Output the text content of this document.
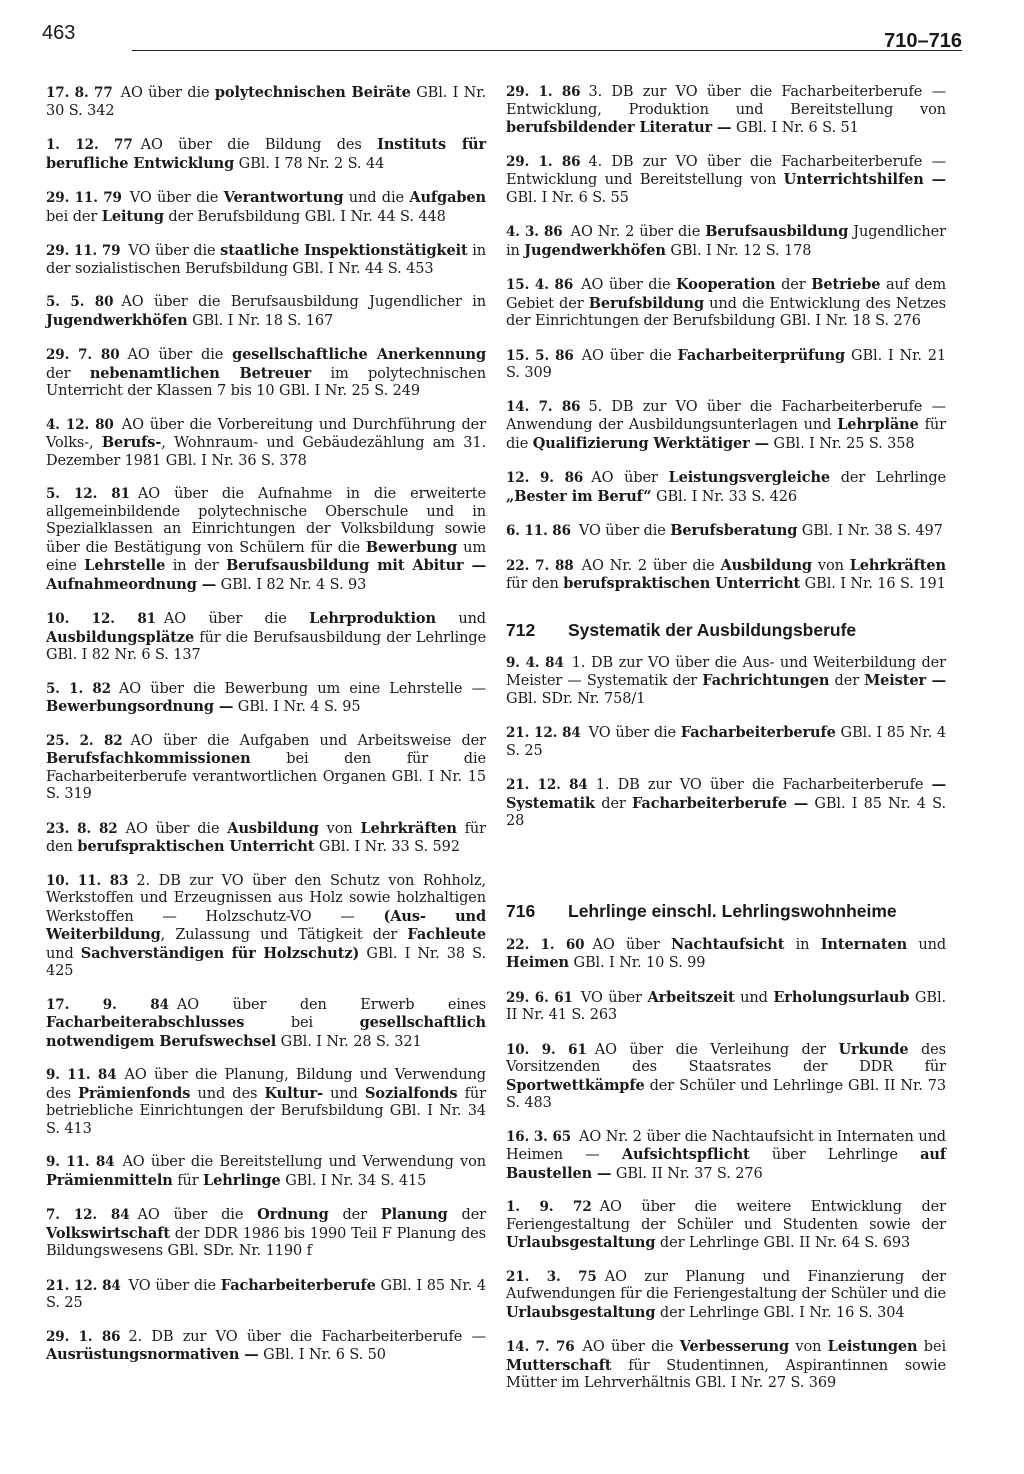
463	710–716
17. 8. 77 AO über die polytechnischen Beiräte GBl. I Nr. 30 S. 342
1. 12. 77 AO über die Bildung des Instituts für berufliche Entwicklung GBl. I 78 Nr. 2 S. 44
29. 11. 79 VO über die Verantwortung und die Aufgaben bei der Leitung der Berufsbildung GBl. I Nr. 44 S. 448
29. 11. 79 VO über die staatliche Inspektionstätigkeit in der sozialistischen Berufsbildung GBl. I Nr. 44 S. 453
5. 5. 80 AO über die Berufsausbildung Jugendlicher in Jugendwerkhöfen GBl. I Nr. 18 S. 167
29. 7. 80 AO über die gesellschaftliche Anerkennung der nebenamtlichen Betreuer im polytechnischen Unterricht der Klassen 7 bis 10 GBl. I Nr. 25 S. 249
4. 12. 80 AO über die Vorbereitung und Durchführung der Volks-, Berufs-, Wohnraum- und Gebäudezählung am 31. Dezember 1981 GBl. I Nr. 36 S. 378
5. 12. 81 AO über die Aufnahme in die erweiterte allgemeinbildende polytechnische Oberschule und in Spezialklassen an Einrichtungen der Volksbildung sowie über die Bestätigung von Schülern für die Bewerbung um eine Lehrstelle in der Berufsausbildung mit Abitur — Aufnahmeordnung — GBl. I 82 Nr. 4 S. 93
10. 12. 81 AO über die Lehrproduktion und Ausbildungsplätze für die Berufsausbildung der Lehrlinge GBl. I 82 Nr. 6 S. 137
5. 1. 82 AO über die Bewerbung um eine Lehrstelle — Bewerbungsordnung — GBl. I Nr. 4 S. 95
25. 2. 82 AO über die Aufgaben und Arbeitsweise der Berufsfachkommissionen bei den für die Facharbeiterberufe verantwortlichen Organen GBl. I Nr. 15 S. 319
23. 8. 82 AO über die Ausbildung von Lehrkräften für den berufspraktischen Unterricht GBl. I Nr. 33 S. 592
10. 11. 83 2. DB zur VO über den Schutz von Rohholz, Werkstoffen und Erzeugnissen aus Holz sowie holzhaltigen Werkstoffen — Holzschutz-VO — (Aus- und Weiterbildung, Zulassung und Tätigkeit der Fachleute und Sachverständigen für Holzschutz) GBl. I Nr. 38 S. 425
17. 9. 84 AO über den Erwerb eines Facharbeiterabschlusses bei gesellschaftlich notwendigem Berufswechsel GBl. I Nr. 28 S. 321
9. 11. 84 AO über die Planung, Bildung und Verwendung des Prämienfonds und des Kultur- und Sozialfonds für betriebliche Einrichtungen der Berufsbildung GBl. I Nr. 34 S. 413
9. 11. 84 AO über die Bereitstellung und Verwendung von Prämienmitteln für Lehrlinge GBl. I Nr. 34 S. 415
7. 12. 84 AO über die Ordnung der Planung der Volkswirtschaft der DDR 1986 bis 1990 Teil F Planung des Bildungswesens GBl. SDr. Nr. 1190 f
21. 12. 84 VO über die Facharbeiterberufe GBl. I 85 Nr. 4 S. 25
29. 1. 86 2. DB zur VO über die Facharbeiterberufe — Ausrüstungsnormativen — GBl. I Nr. 6 S. 50
29. 1. 86 3. DB zur VO über die Facharbeiterberufe — Entwicklung, Produktion und Bereitstellung von berufsbildender Literatur — GBl. I Nr. 6 S. 51
29. 1. 86 4. DB zur VO über die Facharbeiterberufe — Entwicklung und Bereitstellung von Unterrichtshilfen — GBl. I Nr. 6 S. 55
4. 3. 86 AO Nr. 2 über die Berufsausbildung Jugendlicher in Jugendwerkhöfen GBl. I Nr. 12 S. 178
15. 4. 86 AO über die Kooperation der Betriebe auf dem Gebiet der Berufsbildung und die Entwicklung des Netzes der Einrichtungen der Berufsbildung GBl. I Nr. 18 S. 276
15. 5. 86 AO über die Facharbeiterprüfung GBl. I Nr. 21 S. 309
14. 7. 86 5. DB zur VO über die Facharbeiterberufe — Anwendung der Ausbildungsunterlagen und Lehrpläne für die Qualifizierung Werktätiger — GBl. I Nr. 25 S. 358
12. 9. 86 AO über Leistungsvergleiche der Lehrlinge „Bester im Beruf“ GBl. I Nr. 33 S. 426
6. 11. 86 VO über die Berufsberatung GBl. I Nr. 38 S. 497
22. 7. 88 AO Nr. 2 über die Ausbildung von Lehrkräften für den berufspraktischen Unterricht GBl. I Nr. 16 S. 191
712 Systematik der Ausbildungsberufe
9. 4. 84 1. DB zur VO über die Aus- und Weiterbildung der Meister — Systematik der Fachrichtungen der Meister — GBl. SDr. Nr. 758/1
21. 12. 84 VO über die Facharbeiterberufe GBl. I 85 Nr. 4 S. 25
21. 12. 84 1. DB zur VO über die Facharbeiterberufe — Systematik der Facharbeiterberufe — GBl. I 85 Nr. 4 S. 28
716 Lehrlinge einschl. Lehrlingswohnheime
22. 1. 60 AO über Nachtaufsicht in Internaten und Heimen GBl. I Nr. 10 S. 99
29. 6. 61 VO über Arbeitszeit und Erholungsurlaub GBl. II Nr. 41 S. 263
10. 9. 61 AO über die Verleihung der Urkunde des Vorsitzenden des Staatsrates der DDR für Sportwettkämpfe der Schüler und Lehrlinge GBl. II Nr. 73 S. 483
16. 3. 65 AO Nr. 2 über die Nachtaufsicht in Internaten und Heimen — Aufsichtspflicht über Lehrlinge auf Baustellen — GBl. II Nr. 37 S. 276
1. 9. 72 AO über die weitere Entwicklung der Feriengestaltung der Schüler und Studenten sowie der Urlaubsgestaltung der Lehrlinge GBl. II Nr. 64 S. 693
21. 3. 75 AO zur Planung und Finanzierung der Aufwendungen für die Feriengestaltung der Schüler und die Urlaubsgestaltung der Lehrlinge GBl. I Nr. 16 S. 304
14. 7. 76 AO über die Verbesserung von Leistungen bei Mutterschaft für Studentinnen, Aspirantinnen sowie Mütter im Lehrverhältnis GBl. I Nr. 27 S. 369
